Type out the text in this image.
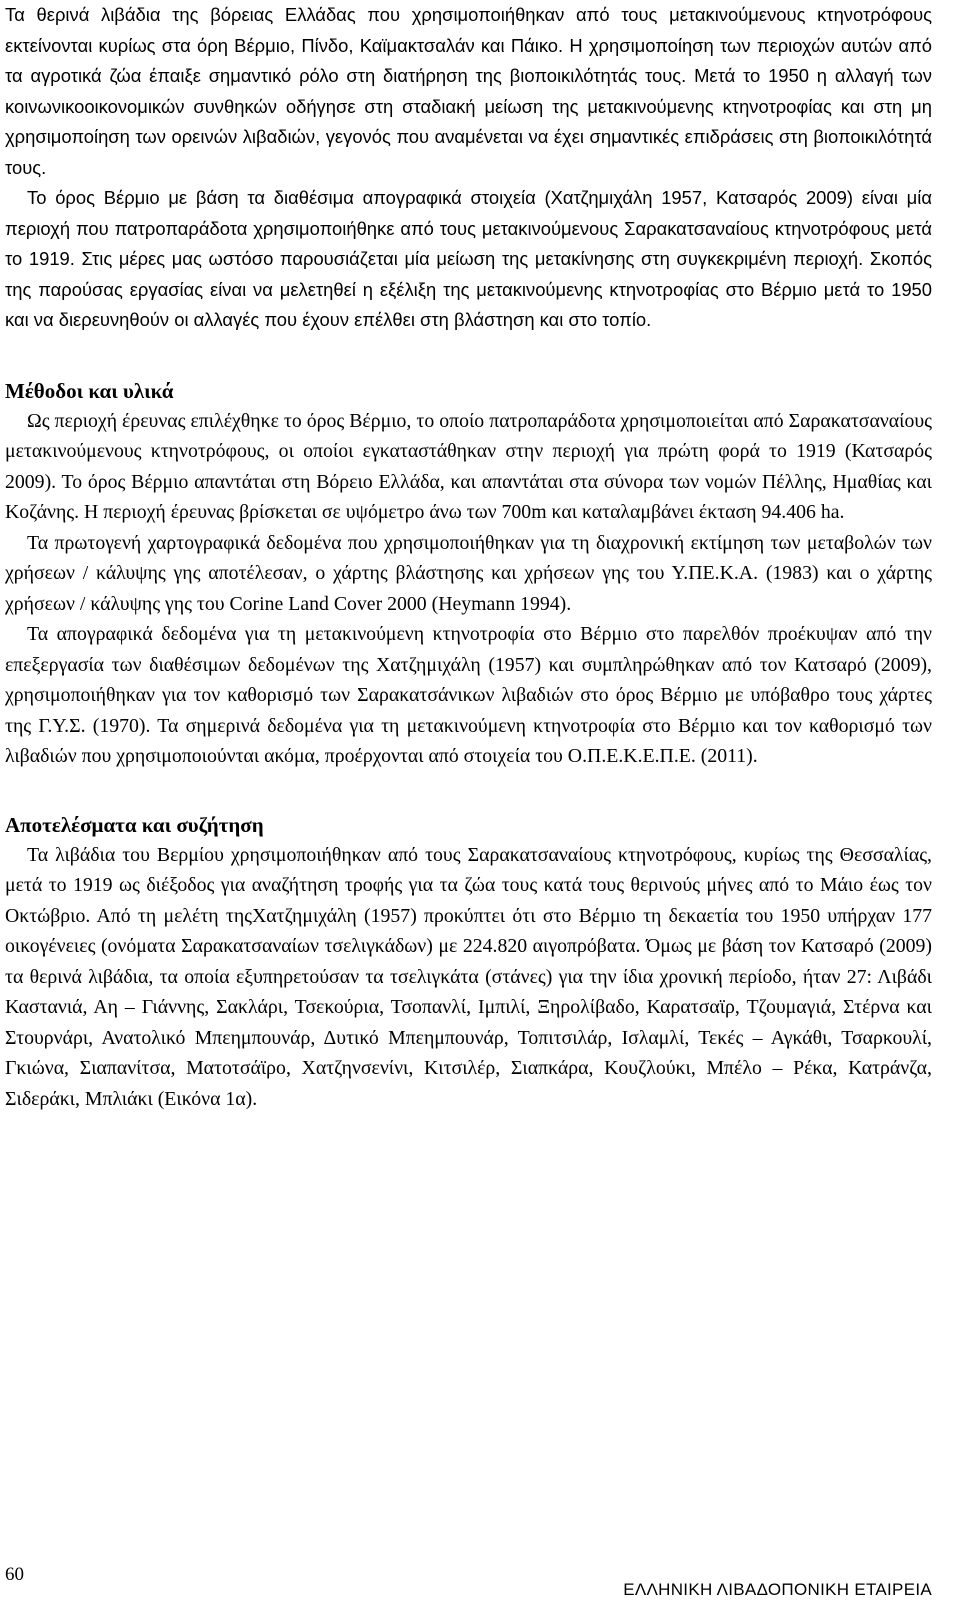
Τα θερινά λιβάδια της βόρειας Ελλάδας που χρησιμοποιήθηκαν από τους μετακινούμενους κτηνοτρόφους εκτείνονται κυρίως στα όρη Βέρμιο, Πίνδο, Καϊμακτσαλάν και Πάικο. Η χρησιμοποίηση των περιοχών αυτών από τα αγροτικά ζώα έπαιξε σημαντικό ρόλο στη διατήρηση της βιοποικιλότητάς τους. Μετά το 1950 η αλλαγή των κοινωνικοοικονομικών συνθηκών οδήγησε στη σταδιακή μείωση της μετακινούμενης κτηνοτροφίας και στη μη χρησιμοποίηση των ορεινών λιβαδιών, γεγονός που αναμένεται να έχει σημαντικές επιδράσεις στη βιοποικιλότητά τους.

Το όρος Βέρμιο με βάση τα διαθέσιμα απογραφικά στοιχεία (Χατζημιχάλη 1957, Κατσαρός 2009) είναι μία περιοχή που πατροπαράδοτα χρησιμοποιήθηκε από τους μετακινούμενους Σαρακατσαναίους κτηνοτρόφους μετά το 1919. Στις μέρες μας ωστόσο παρουσιάζεται μία μείωση της μετακίνησης στη συγκεκριμένη περιοχή. Σκοπός της παρούσας εργασίας είναι να μελετηθεί η εξέλιξη της μετακινούμενης κτηνοτροφίας στο Βέρμιο μετά το 1950 και να διερευνηθούν οι αλλαγές που έχουν επέλθει στη βλάστηση και στο τοπίο.

Μέθοδοι και υλικά

Ως περιοχή έρευνας επιλέχθηκε το όρος Βέρμιο, το οποίο πατροπαράδοτα χρησιμοποιείται από Σαρακατσαναίους μετακινούμενους κτηνοτρόφους, οι οποίοι εγκαταστάθηκαν στην περιοχή για πρώτη φορά το 1919 (Κατσαρός 2009). Το όρος Βέρμιο απαντάται στη Βόρειο Ελλάδα, και απαντάται στα σύνορα των νομών Πέλλης, Ημαθίας και Κοζάνης. Η περιοχή έρευνας βρίσκεται σε υψόμετρο άνω των 700m και καταλαμβάνει έκταση 94.406 ha.

Τα πρωτογενή χαρτογραφικά δεδομένα που χρησιμοποιήθηκαν για τη διαχρονική εκτίμηση των μεταβολών των χρήσεων / κάλυψης γης αποτέλεσαν, ο χάρτης βλάστησης και χρήσεων γης του Υ.ΠΕ.Κ.Α. (1983) και ο χάρτης χρήσεων / κάλυψης γης του Corine Land Cover 2000 (Heymann 1994).

Τα απογραφικά δεδομένα για τη μετακινούμενη κτηνοτροφία στο Βέρμιο στο παρελθόν προέκυψαν από την επεξεργασία των διαθέσιμων δεδομένων της Χατζημιχάλη (1957) και συμπληρώθηκαν από τον Κατσαρό (2009), χρησιμοποιήθηκαν για τον καθορισμό των Σαρακατσάνικων λιβαδιών στο όρος Βέρμιο με υπόβαθρο τους χάρτες της Γ.Υ.Σ. (1970). Τα σημερινά δεδομένα για τη μετακινούμενη κτηνοτροφία στο Βέρμιο και τον καθορισμό των λιβαδιών που χρησιμοποιούνται ακόμα, προέρχονται από στοιχεία του Ο.Π.Ε.Κ.Ε.Π.Ε. (2011).

Αποτελέσματα και συζήτηση

Τα λιβάδια του Βερμίου χρησιμοποιήθηκαν από τους Σαρακατσαναίους κτηνοτρόφους, κυρίως της Θεσσαλίας, μετά το 1919 ως διέξοδος για αναζήτηση τροφής για τα ζώα τους κατά τους θερινούς μήνες από το Μάιο έως τον Οκτώβριο. Από τη μελέτη τηςΧατζημιχάλη (1957) προκύπτει ότι στο Βέρμιο τη δεκαετία του 1950 υπήρχαν 177 οικογένειες (ονόματα Σαρακατσαναίων τσελιγκάδων) με 224.820 αιγοπρόβατα. Όμως με βάση τον Κατσαρό (2009) τα θερινά λιβάδια, τα οποία εξυπηρετούσαν τα τσελιγκάτα (στάνες) για την ίδια χρονική περίοδο, ήταν 27: Λιβάδι Καστανιά, Αη – Γιάννης, Σακλάρι, Τσεκούρια, Τσοπανλί, Ιμπιλί, Ξηρολίβαδο, Καρατσαϊρ, Τζουμαγιά, Στέρνα και Στουρνάρι, Ανατολικό Μπεημπουνάρ, Δυτικό Μπεημπουνάρ, Τοπιτσιλάρ, Ισλαμλί, Τεκές – Αγκάθι, Τσαρκουλί, Γκιώνα, Σιαπανίτσα, Ματοτσάϊρο, Χατζηνσενίνι, Κιτσιλέρ, Σιαπκάρα, Κουζλούκι, Μπέλο – Ρέκα, Κατράνζα, Σιδεράκι, Μπλιάκι (Εικόνα 1α).

60
ΕΛΛΗΝΙΚΗ ΛΙΒΑΔΟΠΟΝΙΚΗ ΕΤΑΙΡΕΙΑ
